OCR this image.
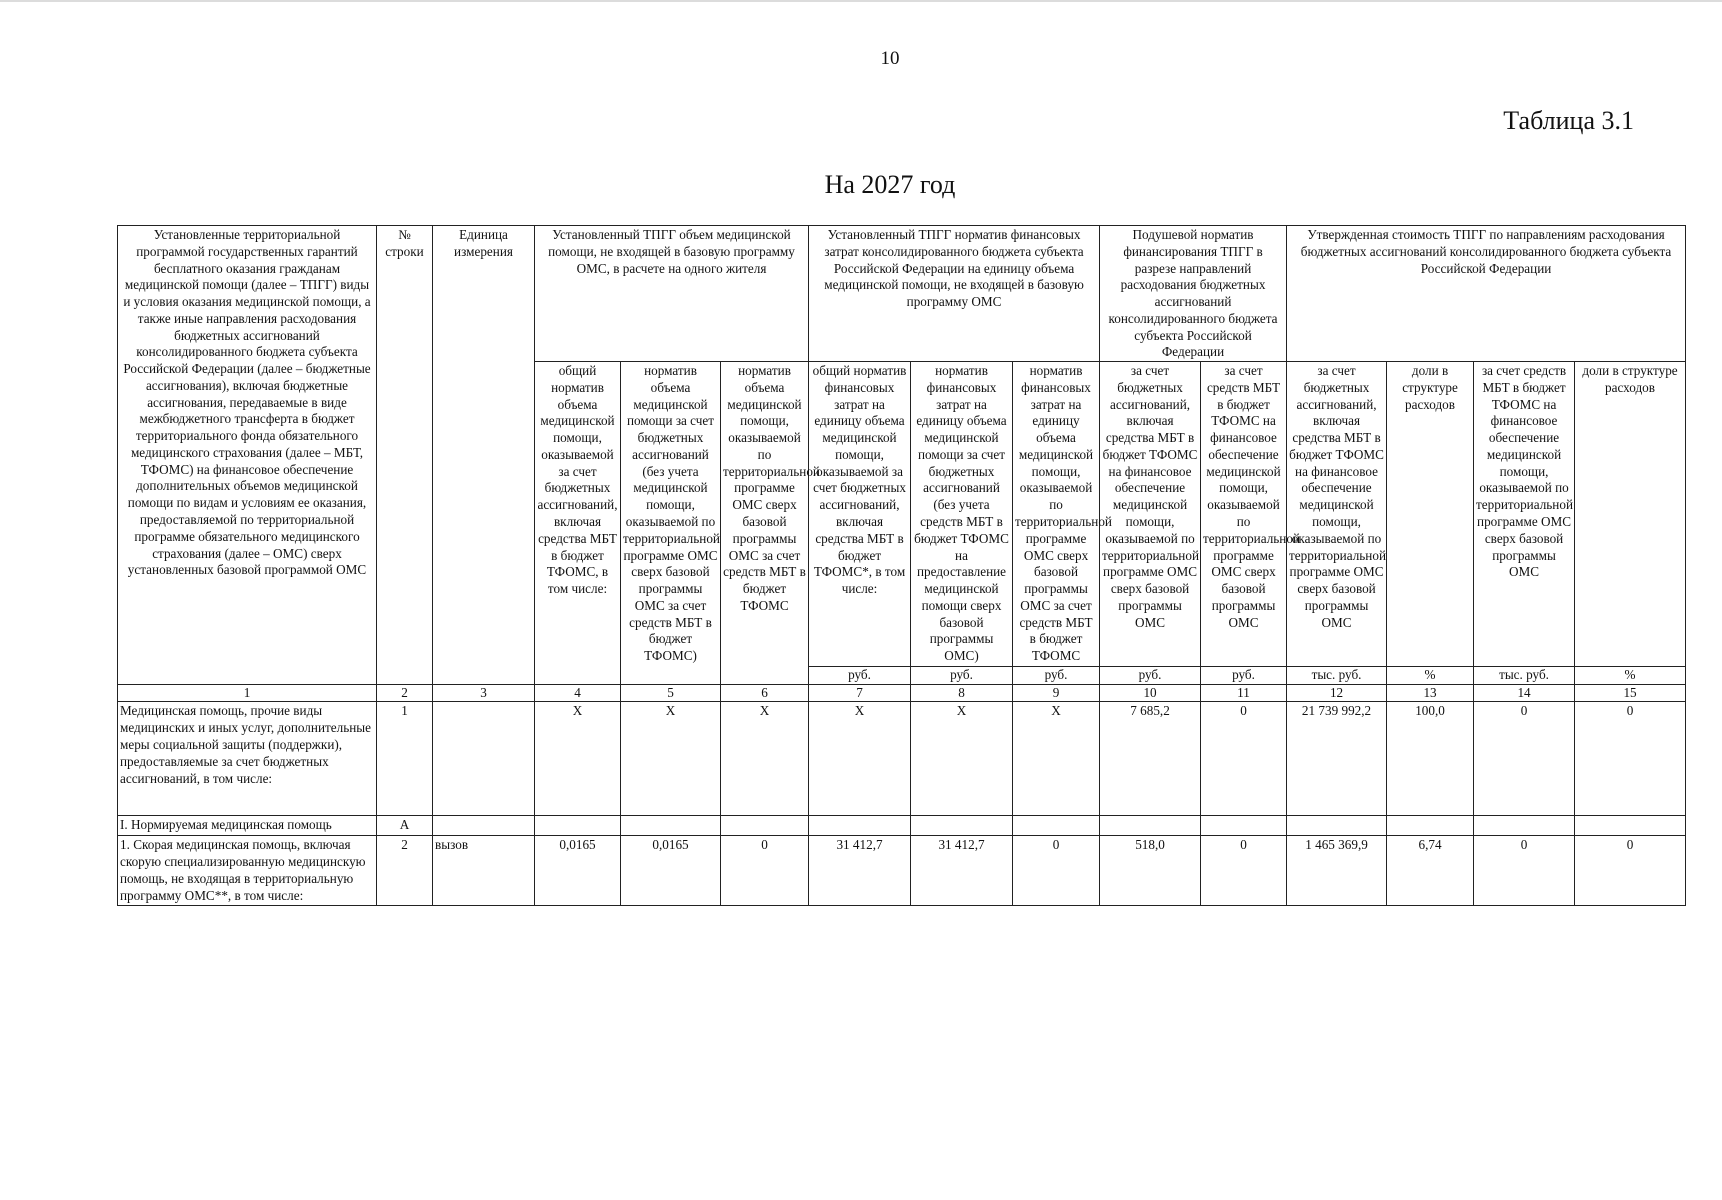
10
Таблица 3.1
На 2027 год
Установленные территориальной программой государственных гарантий бесплатного оказания гражданам медицинской помощи (далее – ТПГГ) виды и условия оказания медицинской помощи, а также иные направления расходования бюджетных ассигнований консолидированного бюджета субъекта Российской Федерации (далее – бюджетные ассигнования), включая бюджетные ассигнования, передаваемые в виде межбюджетного трансферта в бюджет территориального фонда обязательного медицинского страхования (далее – МБТ, ТФОМС) на финансовое обеспечение дополнительных объемов медицинской помощи по видам и условиям ее оказания, предоставляемой по территориальной программе обязательного медицинского страхования (далее – ОМС) сверх установленных базовой программой ОМС	№ строки	Единица измерения	Установленный ТПГГ объем медицинской помощи, не входящей в базовую программу ОМС, в расчете на одного жителя			Установленный ТПГГ норматив финансовых затрат консолидированного бюджета субъекта Российской Федерации на единицу объема медицинской помощи, не входящей в базовую программу ОМС			Подушевой норматив финансирования ТПГГ в разрезе направлений расходования бюджетных ассигнований консолидированного бюджета субъекта Российской Федерации		Утвержденная стоимость ТПГГ по направлениям расходования бюджетных ассигнований консолидированного бюджета субъекта Российской Федерации			
			общий норматив объема медицинской помощи, оказываемой за счет бюджетных ассигнований, включая средства МБТ в бюджет ТФОМС, в том числе:	норматив объема медицинской помощи за счет бюджетных ассигнований (без учета медицинской помощи, оказываемой по территориальной программе ОМС сверх базовой программы ОМС за счет средств МБТ в бюджет ТФОМС)	норматив объема медицинской помощи, оказываемой по территориальной программе ОМС сверх базовой программы ОМС за счет средств МБТ в бюджет ТФОМС	общий норматив финансовых затрат на единицу объема медицинской помощи, оказываемой за счет бюджетных ассигнований, включая средства МБТ в бюджет ТФОМС*, в том числе:	норматив финансовых затрат на единицу объема медицинской помощи за счет бюджетных ассигнований (без учета средств МБТ в бюджет ТФОМС на предоставление медицинской помощи сверх базовой программы ОМС)	норматив финансовых затрат на единицу объема медицинской помощи, оказываемой по территориальной программе ОМС сверх базовой программы ОМС за счет средств МБТ в бюджет ТФОМС	за счет бюджетных ассигнований, включая средства МБТ в бюджет ТФОМС на финансовое обеспечение медицинской помощи, оказываемой по территориальной программе ОМС сверх базовой программы ОМС	за счет средств МБТ в бюджет ТФОМС на финансовое обеспечение медицинской помощи, оказываемой по территориальной программе ОМС сверх базовой программы ОМС	за счет бюджетных ассигнований, включая средства МБТ в бюджет ТФОМС на финансовое обеспечение медицинской помощи, оказываемой по территориальной программе ОМС сверх базовой программы ОМС	доли в структуре расходов	за счет средств МБТ в бюджет ТФОМС на финансовое обеспечение медицинской помощи, оказываемой по территориальной программе ОМС сверх базовой программы ОМС	доли в структуре расходов
						руб.	руб.	руб.	руб.	руб.	тыс. руб.	%	тыс. руб.	%
1	2	3	4	5	6	7	8	9	10	11	12	13	14	15
Медицинская помощь, прочие виды медицинских и иных услуг, дополнительные меры социальной защиты (поддержки), предоставляемые за счет бюджетных ассигнований, в том числе:	1		X	X	X	X	X	X	7 685,2	0	21 739 992,2	100,0	0	0
I. Нормируемая медицинская помощь	А													
1. Скорая медицинская помощь, включая скорую специализированную медицинскую помощь, не входящая в территориальную программу ОМС**, в том числе:	2	вызов	0,0165	0,0165	0	31 412,7	31 412,7	0	518,0	0	1 465 369,9	6,74	0	0
